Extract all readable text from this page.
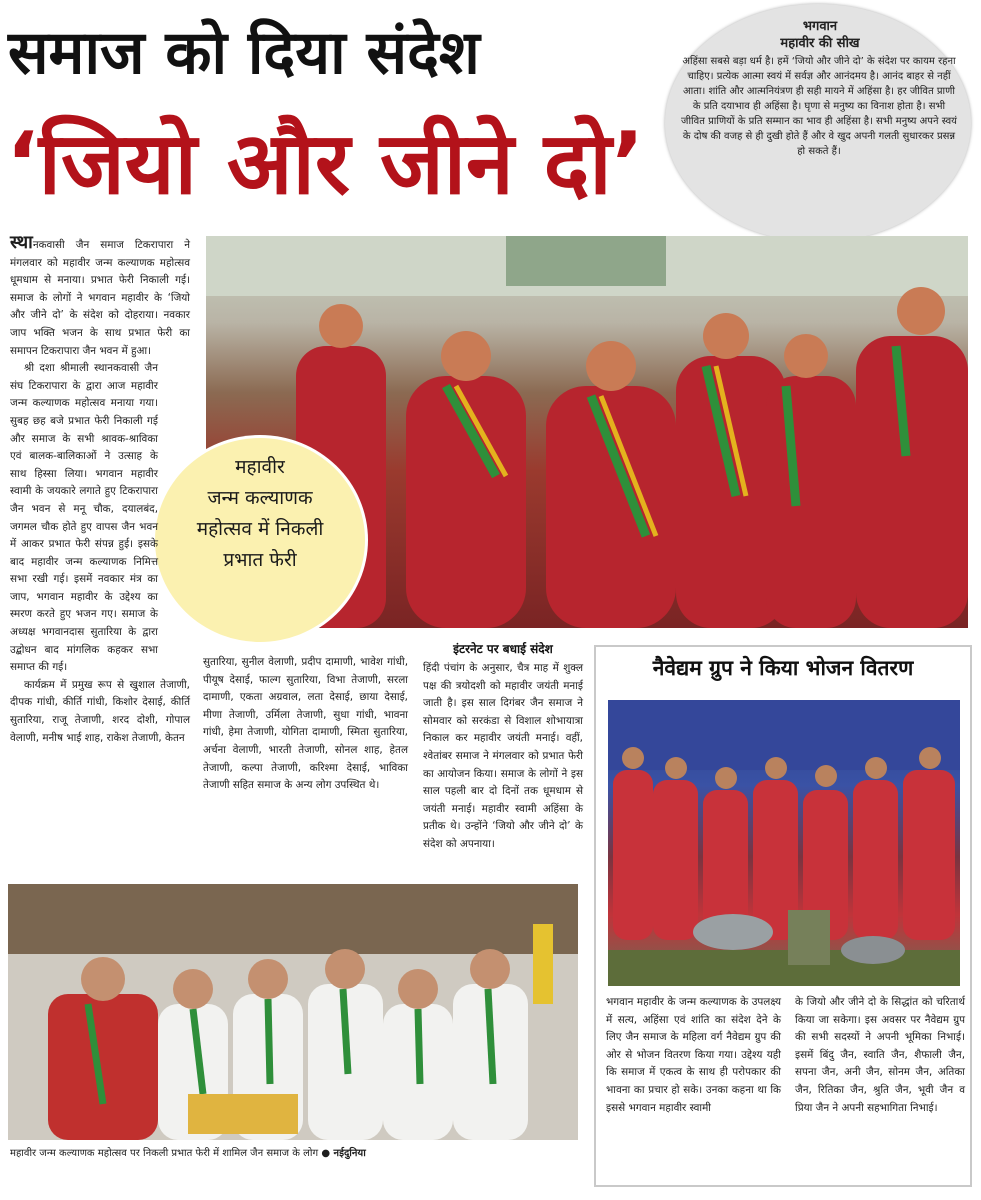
समाज को दिया संदेश
‘जियो और जीने दो’
भगवान
महावीर की सीख
अहिंसा सबसे बड़ा धर्म है। हमें ‘जियो और जीने दो’ के संदेश पर कायम रहना चाहिए। प्रत्येक आत्मा स्वयं में सर्वज्ञ और आनंदमय है। आनंद बाहर से नहीं आता। शांति और आत्मनियंत्रण ही सही मायने में अहिंसा है। हर जीवित प्राणी के प्रति दयाभाव ही अहिंसा है। घृणा से मनुष्य का विनाश होता है। सभी जीवित प्राणियों के प्रति सम्मान का भाव ही अहिंसा है। सभी मनुष्य अपने स्वयं के दोष की वजह से ही दुखी होते हैं और वे खुद अपनी गलती सुधारकर प्रसन्न हो सकते हैं।
महावीर
जन्म कल्याणक
महोत्सव में निकली
प्रभात फेरी
स्थानकवासी जैन समाज टिकरापारा ने मंगलवार को महावीर जन्म कल्याणक महोत्सव धूमधाम से मनाया। प्रभात फेरी निकाली गई। समाज के लोगों ने भगवान महावीर के ‘जियो और जीने दो’ के संदेश को दोहराया। नवकार जाप भक्ति भजन के साथ प्रभात फेरी का समापन टिकरापारा जैन भवन में हुआ।
श्री दशा श्रीमाली स्थानकवासी जैन संघ टिकरापारा के द्वारा आज महावीर जन्म कल्याणक महोत्सव मनाया गया। सुबह छह बजे प्रभात फेरी निकाली गई और समाज के सभी श्रावक-श्राविका एवं बालक-बालिकाओं ने उत्साह के साथ हिस्सा लिया। भगवान महावीर स्वामी के जयकारे लगाते हुए टिकरापारा जैन भवन से मनू चौक, दयालबंद, जगमल चौक होते हुए वापस जैन भवन में आकर प्रभात फेरी संपन्न हुई। इसके बाद महावीर जन्म कल्याणक निमित्त सभा रखी गई। इसमें नवकार मंत्र का जाप, भगवान महावीर के उद्देश्य का स्मरण करते हुए भजन गए। समाज के अध्यक्ष भगवानदास सुतारिया के द्वारा उद्बोधन बाद मांगलिक कहकर सभा समाप्त की गई।
कार्यक्रम में प्रमुख रूप से खुशाल तेजाणी, दीपक गांधी, कीर्ति गांधी, किशोर देसाई, कीर्ति सुतारिया, राजू तेजाणी, शरद दोशी, गोपाल वेलाणी, मनीष भाई शाह, राकेश तेजाणी, केतन
सुतारिया, सुनील वेलाणी, प्रदीप दामाणी, भावेश गांधी, पीयूष देसाई, फाल्ग सुतारिया, विभा तेजाणी, सरला दामाणी, एकता अग्रवाल, लता देसाई, छाया देसाई, मीणा तेजाणी, उर्मिला तेजाणी, सुधा गांधी, भावना गांधी, हेमा तेजाणी, योगिता दामाणी, स्मिता सुतारिया, अर्चना वेलाणी, भारती तेजाणी, सोनल शाह, हेतल तेजाणी, कल्पा तेजाणी, करिश्मा देसाई, भाविका तेजाणी सहित समाज के अन्य लोग उपस्थित थे।
इंटरनेट पर बधाई संदेश
हिंदी पंचांग के अनुसार, चैत्र माह में शुक्ल पक्ष की त्रयोदशी को महावीर जयंती मनाई जाती है। इस साल दिगंबर जैन समाज ने सोमवार को सरकंडा से विशाल शोभायात्रा निकाल कर महावीर जयंती मनाई। वहीं, श्वेतांबर समाज ने मंगलवार को प्रभात फेरी का आयोजन किया। समाज के लोगों ने इस साल पहली बार दो दिनों तक धूमधाम से जयंती मनाई। महावीर स्वामी अहिंसा के प्रतीक थे। उन्होंने ‘जियो और जीने दो’ के संदेश को अपनाया।
नैवेद्यम ग्रुप ने किया भोजन वितरण
भगवान महावीर के जन्म कल्याणक के उपलक्ष्य में सत्य, अहिंसा एवं शांति का संदेश देने के लिए जैन समाज के महिला वर्ग नैवेद्यम ग्रुप की ओर से भोजन वितरण किया गया। उद्देश्य यही कि समाज में एकत्व के साथ ही परोपकार की भावना का प्रचार हो सके। उनका कहना था कि इससे भगवान महावीर स्वामी
के जियो और जीने दो के सिद्धांत को चरितार्थ किया जा सकेगा। इस अवसर पर नैवेद्यम ग्रुप की सभी सदस्यों ने अपनी भूमिका निभाई। इसमें बिंदु जैन, स्वाति जैन, शैफाली जैन, सपना जैन, अनी जैन, सोनम जैन, अतिका जैन, रितिका जैन, श्रुति जैन, भूवी जैन व प्रिया जैन ने अपनी सहभागिता निभाई।
महावीर जन्म कल्याणक महोत्सव पर निकली प्रभात फेरी में शामिल जैन समाज के लोग ● नईदुनिया
